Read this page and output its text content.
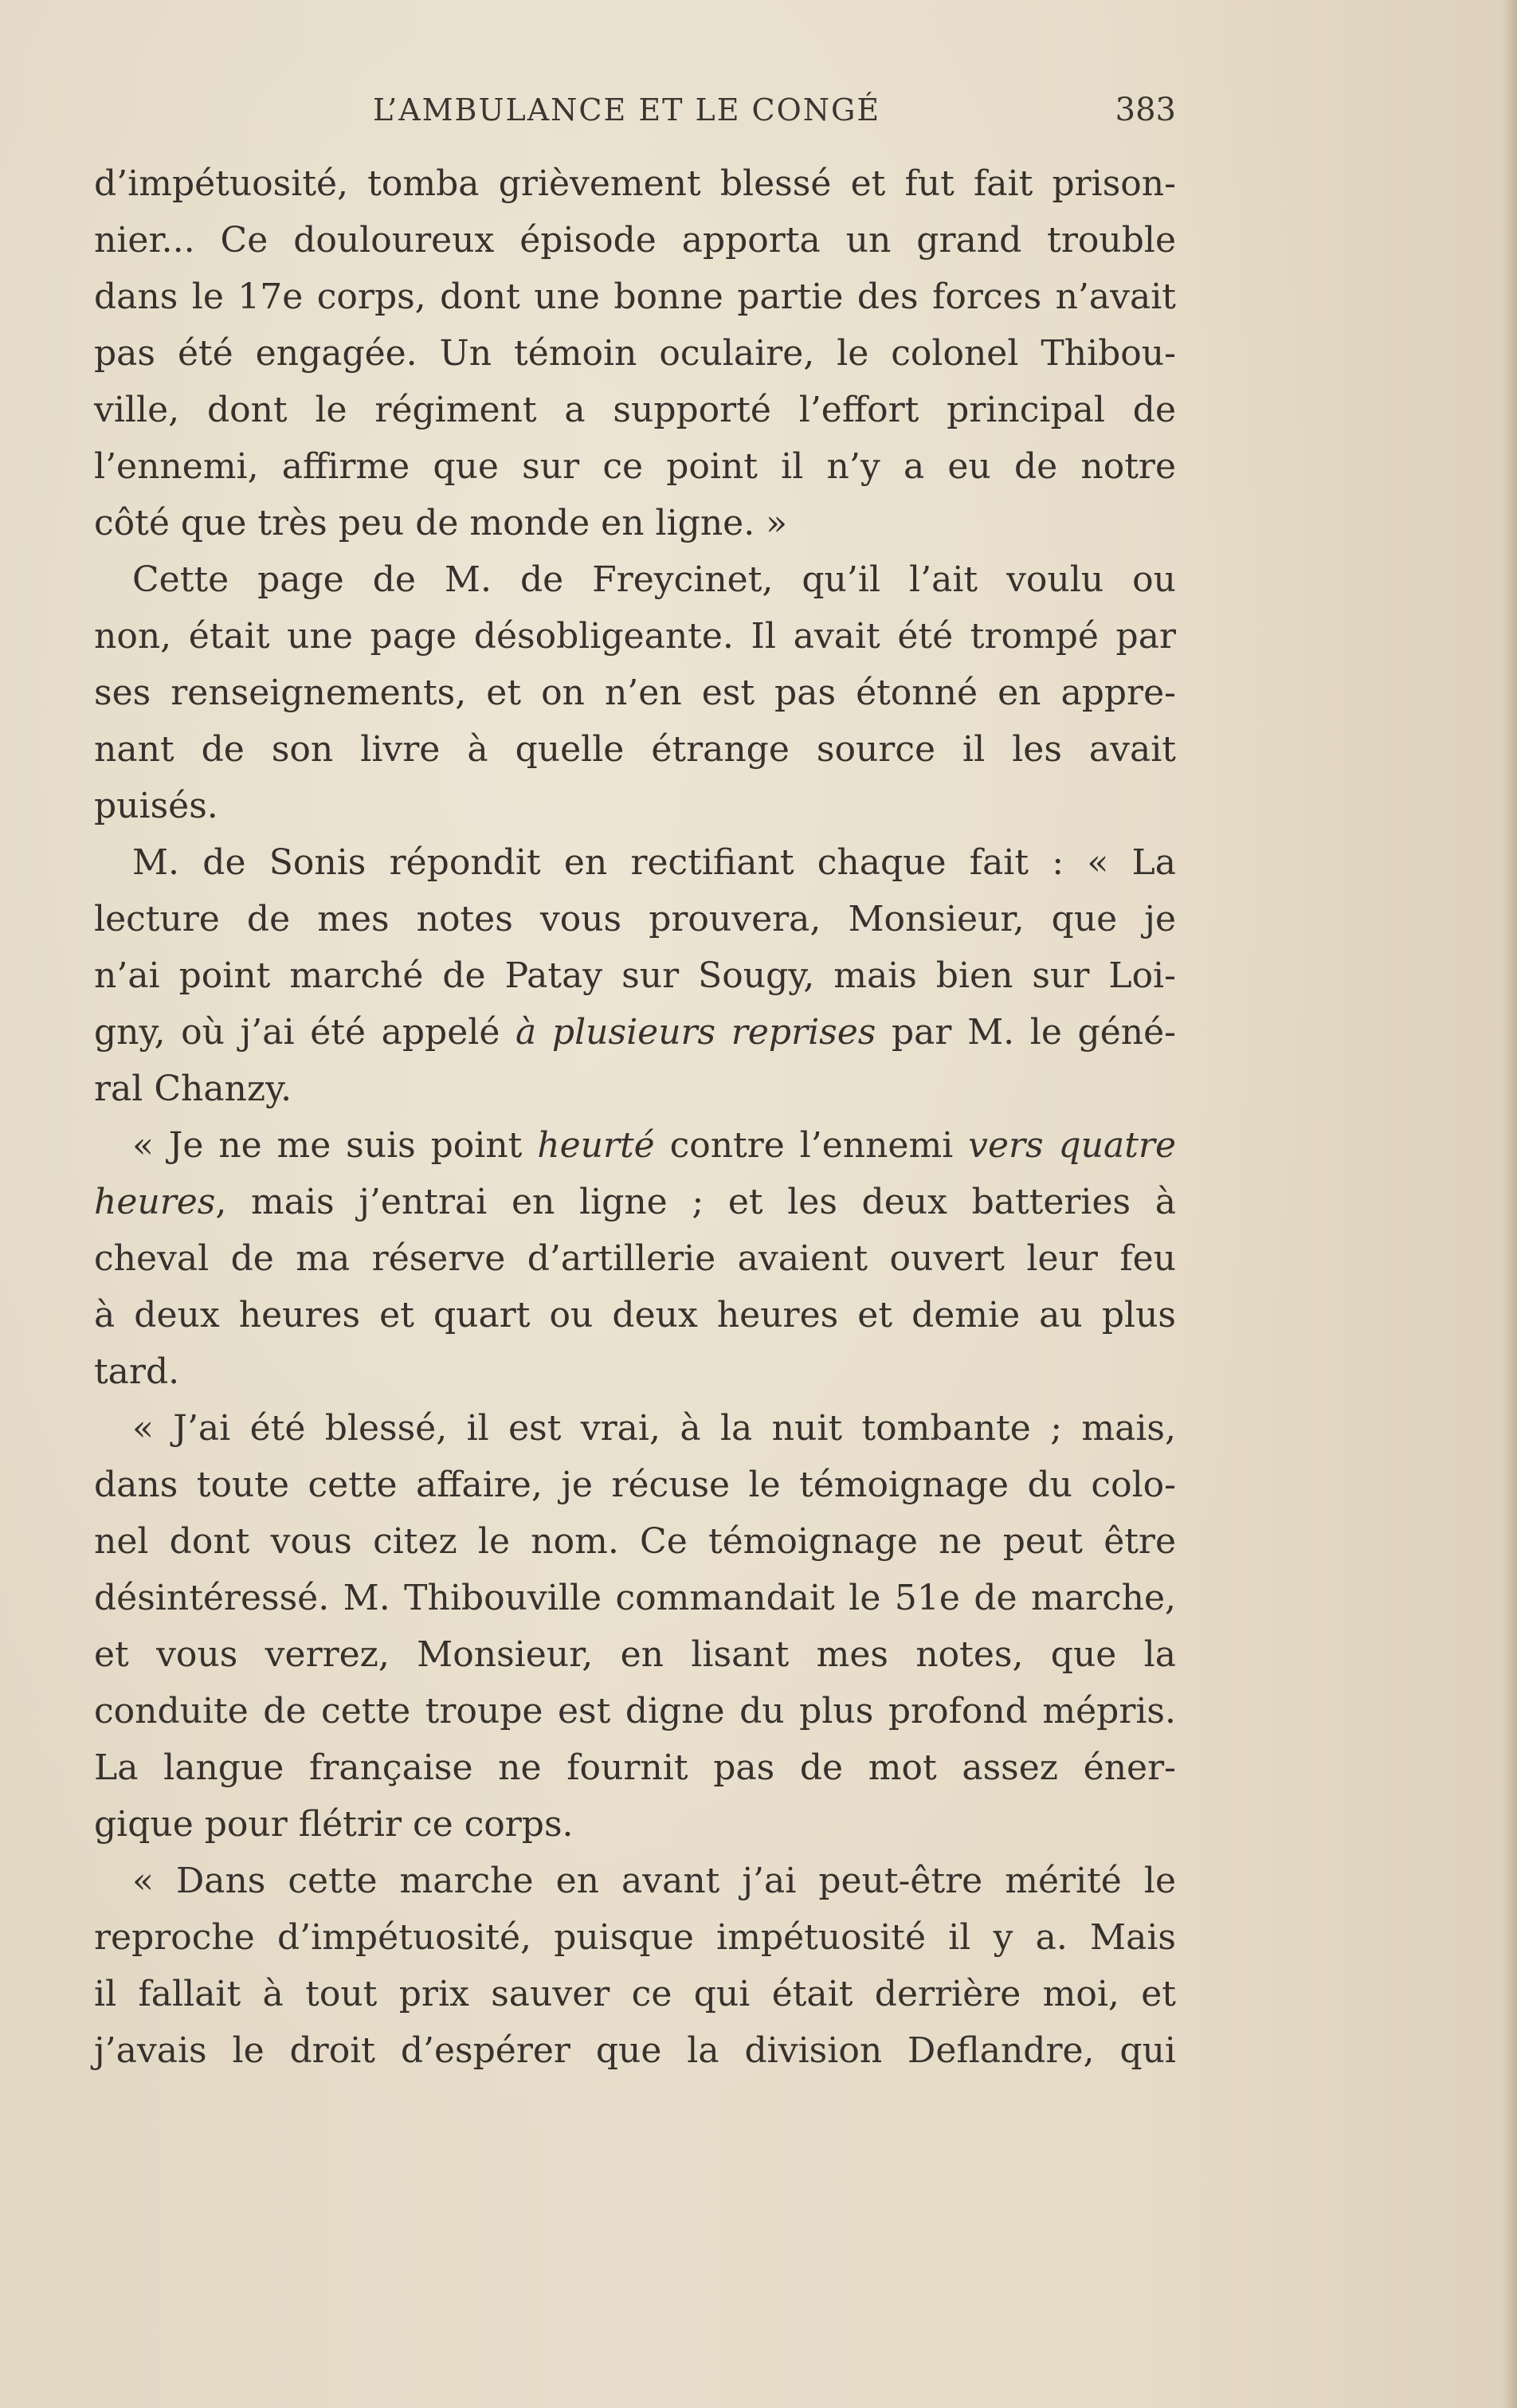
L’AMBULANCE ET LE CONGÉ	383
d’impétuosité, tomba grièvement blessé et fut fait prison-
nier... Ce douloureux épisode apporta un grand trouble
dans le 17e corps, dont une bonne partie des forces n’avait
pas été engagée. Un témoin oculaire, le colonel Thibou-
ville, dont le régiment a supporté l’effort principal de
l’ennemi, affirme que sur ce point il n’y a eu de notre
côté que très peu de monde en ligne. »
Cette page de M. de Freycinet, qu’il l’ait voulu ou
non, était une page désobligeante. Il avait été trompé par
ses renseignements, et on n’en est pas étonné en appre-
nant de son livre à quelle étrange source il les avait
puisés.
M. de Sonis répondit en rectifiant chaque fait : « La
lecture de mes notes vous prouvera, Monsieur, que je
n’ai point marché de Patay sur Sougy, mais bien sur Loi-
gny, où j’ai été appelé à plusieurs reprises par M. le géné-
ral Chanzy.
« Je ne me suis point heurté contre l’ennemi vers quatre
heures, mais j’entrai en ligne ; et les deux batteries à
cheval de ma réserve d’artillerie avaient ouvert leur feu
à deux heures et quart ou deux heures et demie au plus
tard.
« J’ai été blessé, il est vrai, à la nuit tombante ; mais,
dans toute cette affaire, je récuse le témoignage du colo-
nel dont vous citez le nom. Ce témoignage ne peut être
désintéressé. M. Thibouville commandait le 51e de marche,
et vous verrez, Monsieur, en lisant mes notes, que la
conduite de cette troupe est digne du plus profond mépris.
La langue française ne fournit pas de mot assez éner-
gique pour flétrir ce corps.
« Dans cette marche en avant j’ai peut-être mérité le
reproche d’impétuosité, puisque impétuosité il y a. Mais
il fallait à tout prix sauver ce qui était derrière moi, et
j’avais le droit d’espérer que la division Deflandre, qui
